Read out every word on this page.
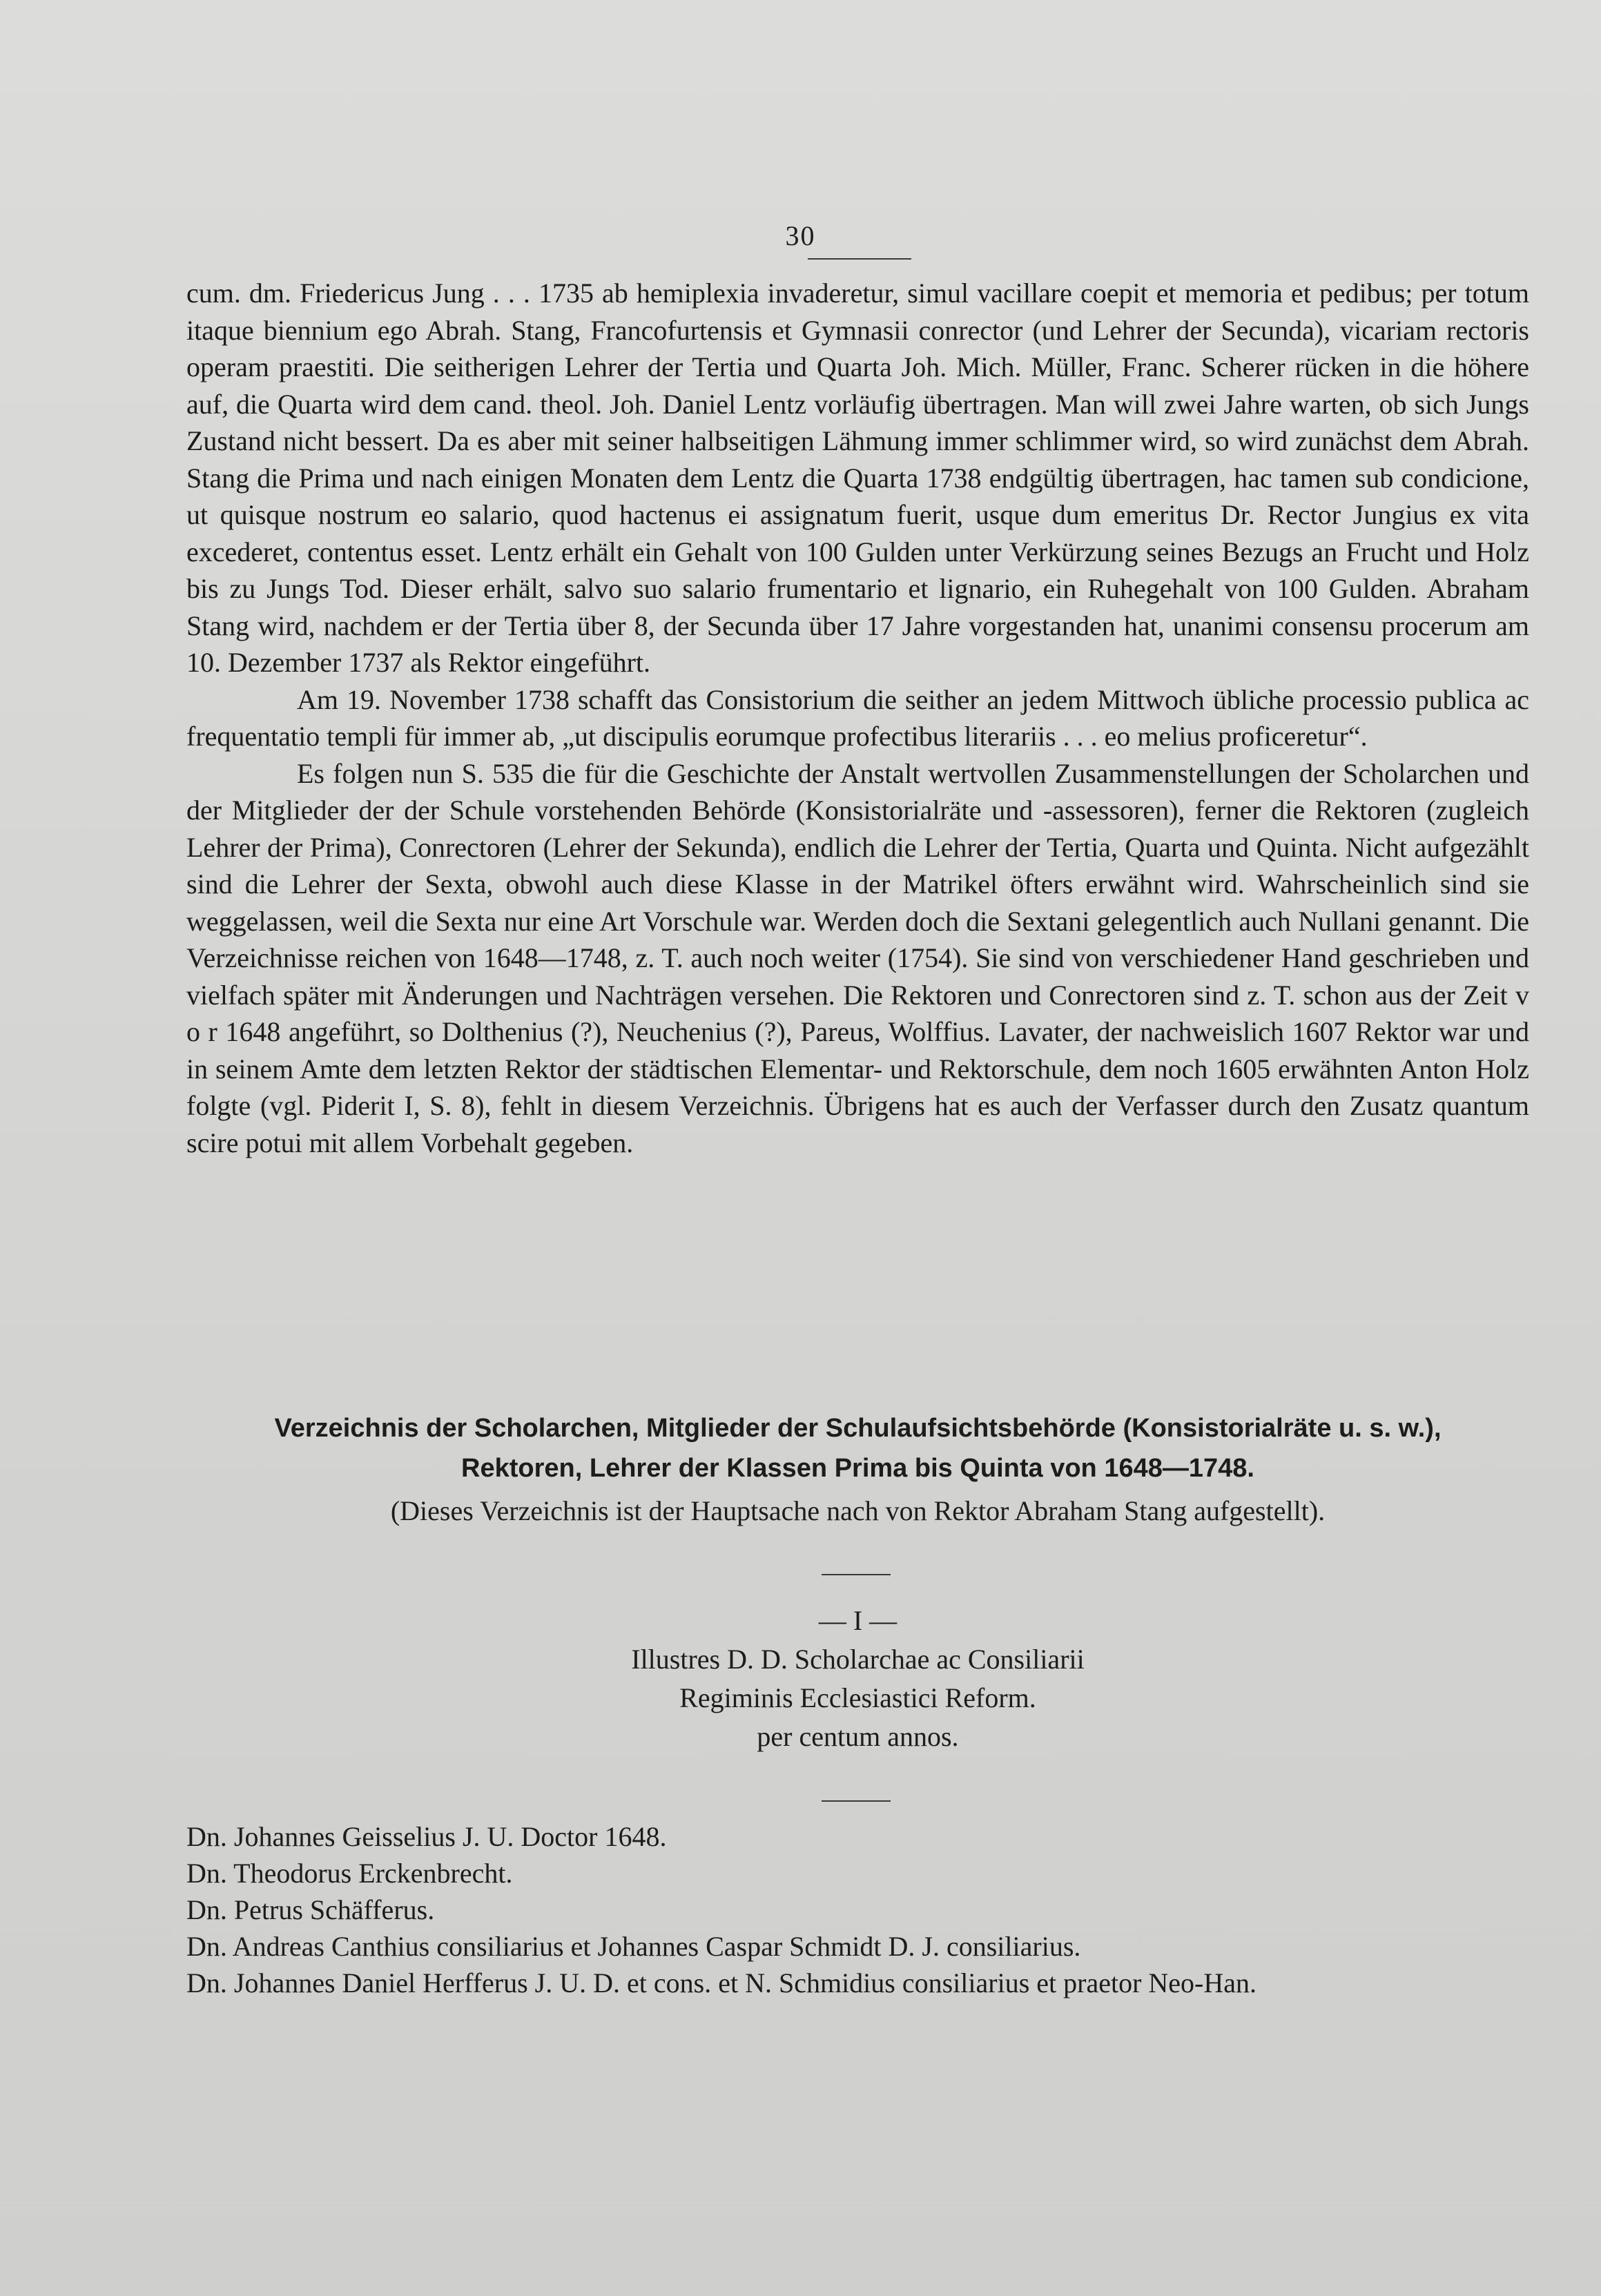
30

cum. dm. Friedericus Jung . . . 1735 ab hemiplexia invaderetur, simul vacillare coepit et memoria et pedibus; per totum itaque biennium ego Abrah. Stang, Francofurtensis et Gymnasii conrector (und Lehrer der Secunda), vicariam rectoris operam praestiti. Die seitherigen Lehrer der Tertia und Quarta Joh. Mich. Müller, Franc. Scherer rücken in die höhere auf, die Quarta wird dem cand. theol. Joh. Daniel Lentz vorläufig übertragen. Man will zwei Jahre warten, ob sich Jungs Zustand nicht bessert. Da es aber mit seiner halbseitigen Lähmung immer schlimmer wird, so wird zunächst dem Abrah. Stang die Prima und nach einigen Monaten dem Lentz die Quarta 1738 endgültig übertragen, hac tamen sub condicione, ut quisque nostrum eo salario, quod hactenus ei assignatum fuerit, usque dum emeritus Dr. Rector Jungius ex vita excederet, contentus esset. Lentz erhält ein Gehalt von 100 Gulden unter Verkürzung seines Bezugs an Frucht und Holz bis zu Jungs Tod. Dieser erhält, salvo suo salario frumentario et lignario, ein Ruhegehalt von 100 Gulden. Abraham Stang wird, nachdem er der Tertia über 8, der Secunda über 17 Jahre vorgestanden hat, unanimi consensu procerum am 10. Dezember 1737 als Rektor eingeführt.

Am 19. November 1738 schafft das Consistorium die seither an jedem Mittwoch übliche processio publica ac frequentatio templi für immer ab, „ut discipulis eorumque profectibus literariis . . . eo melius proficeretur“.

Es folgen nun S. 535 die für die Geschichte der Anstalt wertvollen Zusammenstellungen der Scholarchen und der Mitglieder der der Schule vorstehenden Behörde (Konsistorialräte und -assessoren), ferner die Rektoren (zugleich Lehrer der Prima), Conrectoren (Lehrer der Sekunda), endlich die Lehrer der Tertia, Quarta und Quinta. Nicht aufgezählt sind die Lehrer der Sexta, obwohl auch diese Klasse in der Matrikel öfters erwähnt wird. Wahrscheinlich sind sie weggelassen, weil die Sexta nur eine Art Vorschule war. Werden doch die Sextani gelegentlich auch Nullani genannt. Die Verzeichnisse reichen von 1648—1748, z. T. auch noch weiter (1754). Sie sind von verschiedener Hand geschrieben und vielfach später mit Änderungen und Nachträgen versehen. Die Rektoren und Conrectoren sind z. T. schon aus der Zeit v o r 1648 angeführt, so Dolthenius (?), Neuchenius (?), Pareus, Wolffius. Lavater, der nachweislich 1607 Rektor war und in seinem Amte dem letzten Rektor der städtischen Elementar- und Rektorschule, dem noch 1605 erwähnten Anton Holz folgte (vgl. Piderit I, S. 8), fehlt in diesem Verzeichnis. Übrigens hat es auch der Verfasser durch den Zusatz quantum scire potui mit allem Vorbehalt gegeben.

Verzeichnis der Scholarchen, Mitglieder der Schulaufsichtsbehörde (Konsistorialräte u. s. w.),
Rektoren, Lehrer der Klassen Prima bis Quinta von 1648—1748.
(Dieses Verzeichnis ist der Hauptsache nach von Rektor Abraham Stang aufgestellt).
— I —
Illustres D. D. Scholarchae ac Consiliarii
Regiminis Ecclesiastici Reform.
per centum annos.
Dn. Johannes Geisselius J. U. Doctor 1648.
Dn. Theodorus Erckenbrecht.
Dn. Petrus Schäfferus.
Dn. Andreas Canthius consiliarius et Johannes Caspar Schmidt D. J. consiliarius.
Dn. Johannes Daniel Herfferus J. U. D. et cons. et N. Schmidius consiliarius et praetor Neo-Han.
